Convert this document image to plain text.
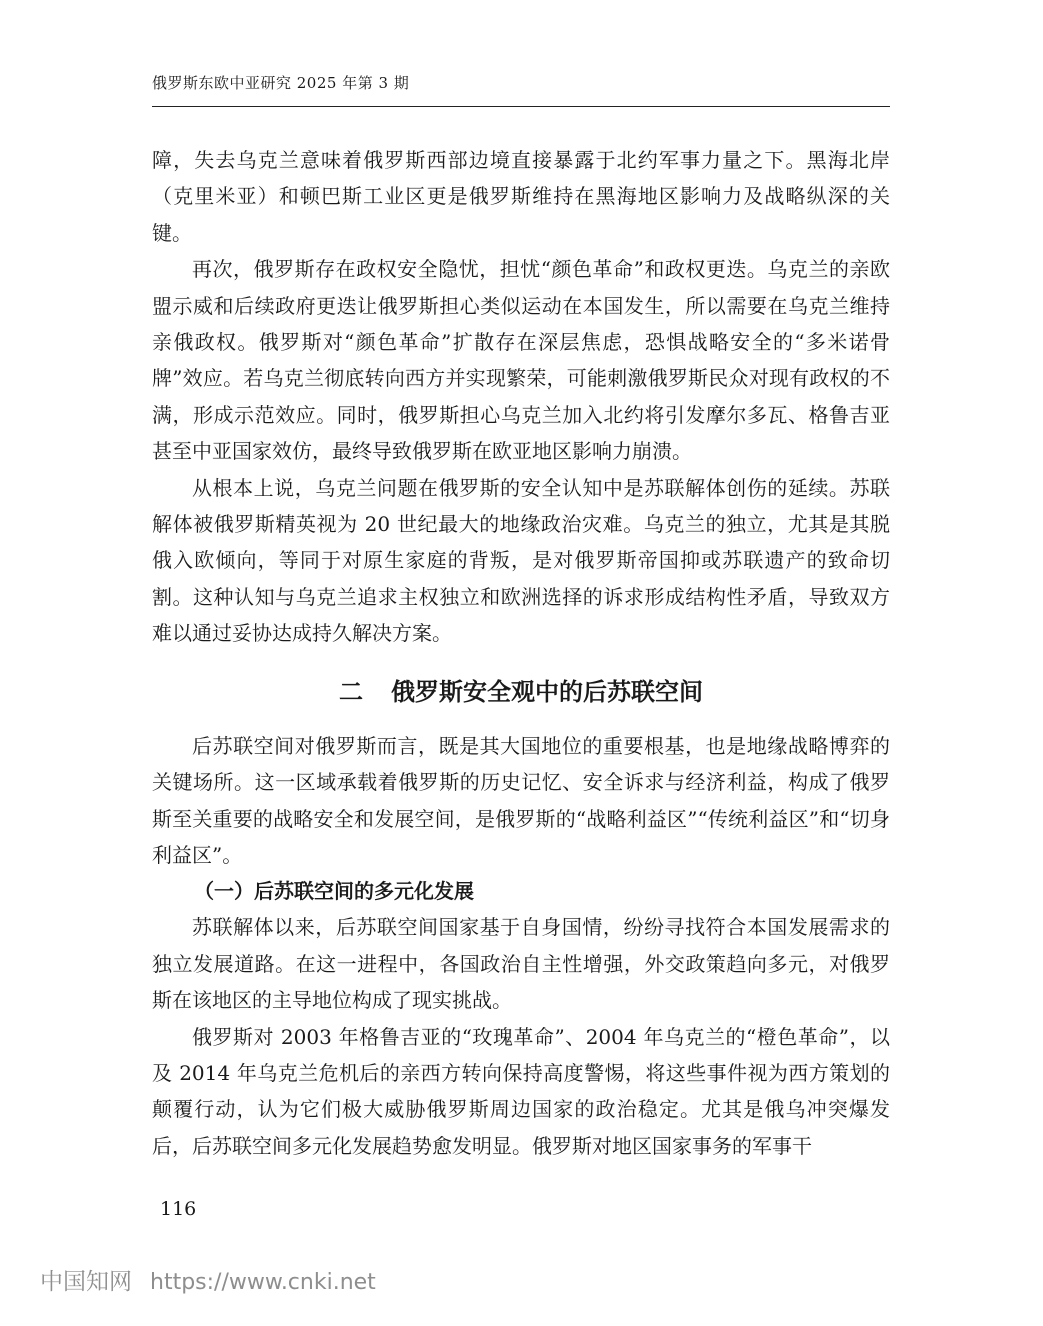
俄罗斯东欧中亚研究 2025 年第 3 期

障，失去乌克兰意味着俄罗斯西部边境直接暴露于北约军事力量之下。黑海北岸（克里米亚）和顿巴斯工业区更是俄罗斯维持在黑海地区影响力及战略纵深的关键。

再次，俄罗斯存在政权安全隐忧，担忧“颜色革命”和政权更迭。乌克兰的亲欧盟示威和后续政府更迭让俄罗斯担心类似运动在本国发生，所以需要在乌克兰维持亲俄政权。俄罗斯对“颜色革命”扩散存在深层焦虑，恐惧战略安全的“多米诺骨牌”效应。若乌克兰彻底转向西方并实现繁荣，可能刺激俄罗斯民众对现有政权的不满，形成示范效应。同时，俄罗斯担心乌克兰加入北约将引发摩尔多瓦、格鲁吉亚甚至中亚国家效仿，最终导致俄罗斯在欧亚地区影响力崩溃。

从根本上说，乌克兰问题在俄罗斯的安全认知中是苏联解体创伤的延续。苏联解体被俄罗斯精英视为 20 世纪最大的地缘政治灾难。乌克兰的独立，尤其是其脱俄入欧倾向，等同于对原生家庭的背叛，是对俄罗斯帝国抑或苏联遗产的致命切割。这种认知与乌克兰追求主权独立和欧洲选择的诉求形成结构性矛盾，导致双方难以通过妥协达成持久解决方案。

二 俄罗斯安全观中的后苏联空间

后苏联空间对俄罗斯而言，既是其大国地位的重要根基，也是地缘战略博弈的关键场所。这一区域承载着俄罗斯的历史记忆、安全诉求与经济利益，构成了俄罗斯至关重要的战略安全和发展空间，是俄罗斯的“战略利益区”“传统利益区”和“切身利益区”。

（一）后苏联空间的多元化发展

苏联解体以来，后苏联空间国家基于自身国情，纷纷寻找符合本国发展需求的独立发展道路。在这一进程中，各国政治自主性增强，外交政策趋向多元，对俄罗斯在该地区的主导地位构成了现实挑战。

俄罗斯对 2003 年格鲁吉亚的“玫瑰革命”、2004 年乌克兰的“橙色革命”，以及 2014 年乌克兰危机后的亲西方转向保持高度警惕，将这些事件视为西方策划的颠覆行动，认为它们极大威胁俄罗斯周边国家的政治稳定。尤其是俄乌冲突爆发后，后苏联空间多元化发展趋势愈发明显。俄罗斯对地区国家事务的军事干

116
中国知网 https://www.cnki.net
